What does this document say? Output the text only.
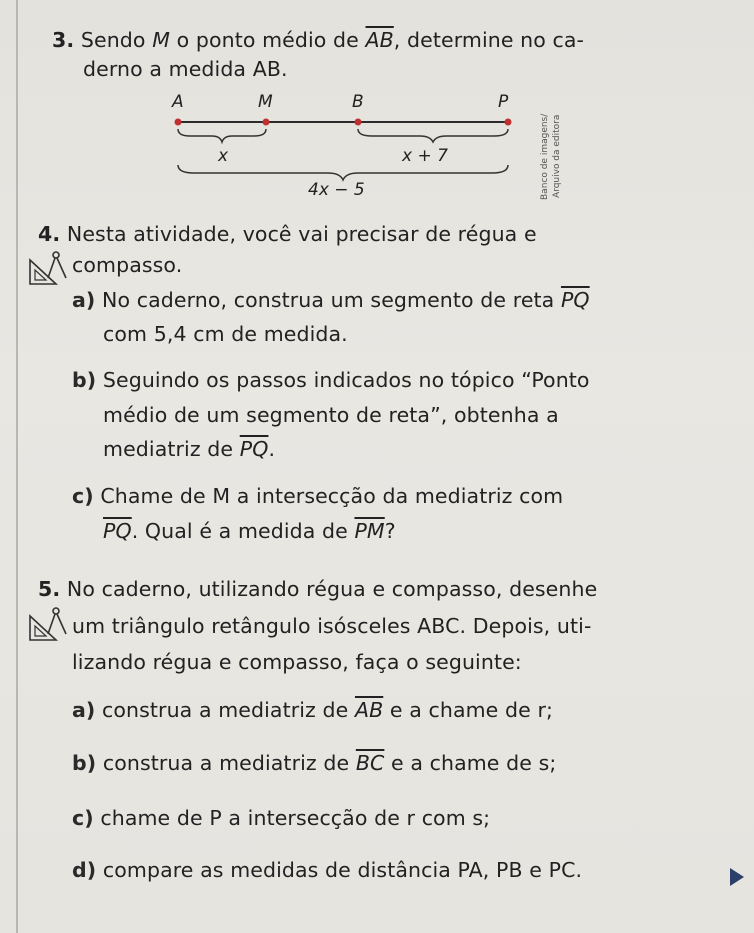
3. Sendo M o ponto médio de $\overline{AB}$, determine no ca-
derno a medida AB.
A	M	B	P
x	x + 7
4x − 5	Banco de imagens/ Arquivo da editora
4. Nesta atividade, você vai precisar de régua e
compasso.
a) No caderno, construa um segmento de reta $\overline{PQ}$
com 5,4 cm de medida.
b) Seguindo os passos indicados no tópico “Ponto
médio de um segmento de reta”, obtenha a
mediatriz de $\overline{PQ}$.
c) Chame de M a intersecção da mediatriz com
$\overline{PQ}$. Qual é a medida de $\overline{PM}$?
5. No caderno, utilizando régua e compasso, desenhe
um triângulo retângulo isósceles ABC. Depois, uti-
lizando régua e compasso, faça o seguinte:
a) construa a mediatriz de $\overline{AB}$ e a chame de r;
b) construa a mediatriz de $\overline{BC}$ e a chame de s;
c) chame de P a intersecção de r com s;
d) compare as medidas de distância PA, PB e PC.
